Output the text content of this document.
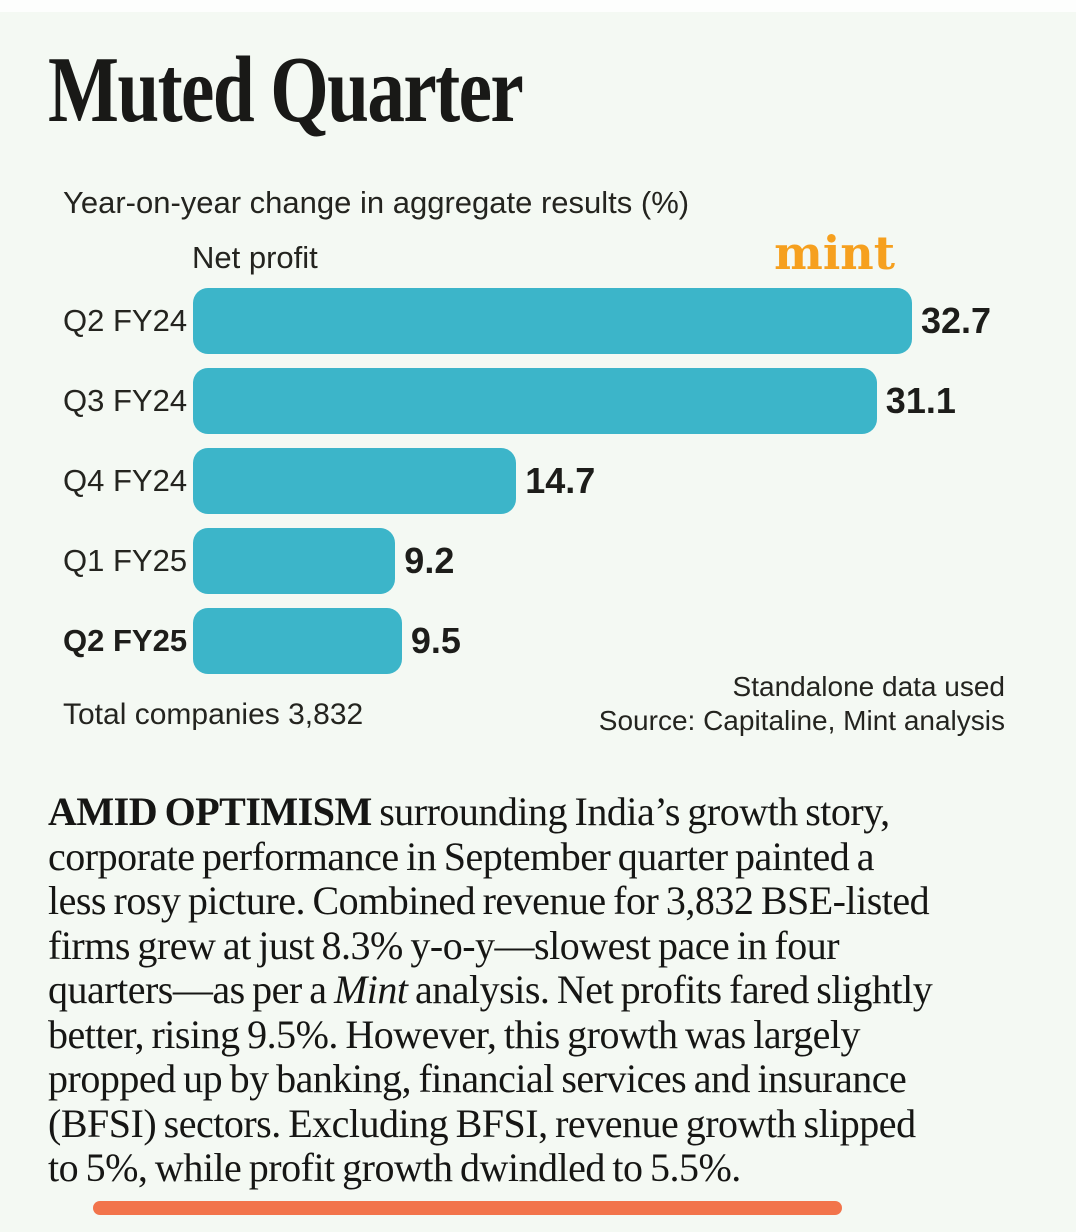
Muted Quarter
Year-on-year change in aggregate results (%)
Net profit	mint
Q2 FY24	32.7
Q3 FY24	31.1
Q4 FY24	14.7
Q1 FY25	9.2
Q2 FY25	9.5
Total companies 3,832
Standalone data used
Source: Capitaline, Mint analysis
AMID OPTIMISM surrounding India’s growth story,
corporate performance in September quarter painted a
less rosy picture. Combined revenue for 3,832 BSE-listed
firms grew at just 8.3% y-o-y—slowest pace in four
quarters—as per a Mint analysis. Net profits fared slightly
better, rising 9.5%. However, this growth was largely
propped up by banking, financial services and insurance
(BFSI) sectors. Excluding BFSI, revenue growth slipped
to 5%, while profit growth dwindled to 5.5%.
